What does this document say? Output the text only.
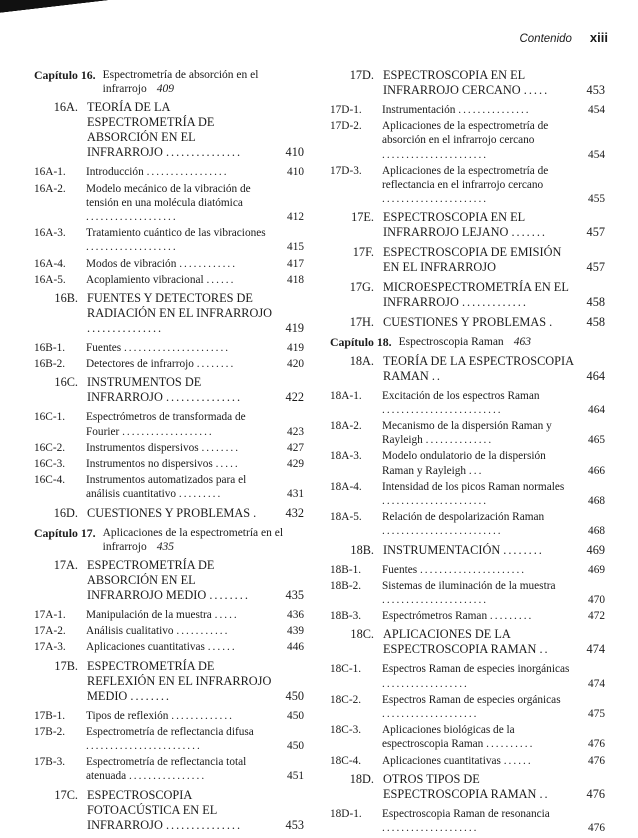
Contenido xiii
Capítulo 16. Espectrometría de absorción en el infrarrojo 409
16A. TEORÍA DE LA ESPECTROMETRÍA DE ABSORCIÓN EN EL INFRARROJO ...............	410
16A-1.	Introducción .................	410
16A-2.	Modelo mecánico de la vibración de tensión en una molécula diatómica ...................	412
16A-3.	Tratamiento cuántico de las vibraciones ...................	415
16A-4.	Modos de vibración ............	417
16A-5.	Acoplamiento vibracional ......	418
16B. FUENTES Y DETECTORES DE RADIACIÓN EN EL INFRARROJO ...............	419
16B-1.	Fuentes ......................	419
16B-2.	Detectores de infrarrojo ........	420
16C. INSTRUMENTOS DE INFRARROJO ...............	422
16C-1.	Espectrómetros de transformada de Fourier ...................	423
16C-2.	Instrumentos dispersivos ........	427
16C-3.	Instrumentos no dispersivos .....	429
16C-4.	Instrumentos automatizados para el análisis cuantitativo .........	431
16D. CUESTIONES Y PROBLEMAS .	432
Capítulo 17. Aplicaciones de la espectrometría en el infrarrojo 435
17A. ESPECTROMETRÍA DE ABSORCIÓN EN EL INFRARROJO MEDIO ........	435
17A-1.	Manipulación de la muestra .....	436
17A-2.	Análisis cualitativo ...........	439
17A-3.	Aplicaciones cuantitativas ......	446
17B. ESPECTROMETRÍA DE REFLEXIÓN EN EL INFRARROJO MEDIO ........	450
17B-1.	Tipos de reflexión .............	450
17B-2.	Espectrometría de reflectancia difusa ........................	450
17B-3.	Espectrometría de reflectancia total atenuada ................	451
17C. ESPECTROSCOPIA FOTOACÚSTICA EN EL INFRARROJO ...............	453
17D. ESPECTROSCOPIA EN EL INFRARROJO CERCANO .....	453
17D-1.	Instrumentación ...............	454
17D-2.	Aplicaciones de la espectrometría de absorción en el infrarrojo cercano ......................	454
17D-3.	Aplicaciones de la espectrometría de reflectancia en el infrarrojo cercano ......................	455
17E. ESPECTROSCOPIA EN EL INFRARROJO LEJANO .......	457
17F. ESPECTROSCOPIA DE EMISIÓN EN EL INFRARROJO	457
17G. MICROESPECTROMETRÍA EN EL INFRARROJO .............	458
17H. CUESTIONES Y PROBLEMAS .	458
Capítulo 18. Espectroscopia Raman 463
18A. TEORÍA DE LA ESPECTROSCOPIA RAMAN ..	464
18A-1.	Excitación de los espectros Raman .........................	464
18A-2.	Mecanismo de la dispersión Raman y Rayleigh ..............	465
18A-3.	Modelo ondulatorio de la dispersión Raman y Rayleigh ...	466
18A-4.	Intensidad de los picos Raman normales ......................	468
18A-5.	Relación de despolarización Raman .........................	468
18B. INSTRUMENTACIÓN ........	469
18B-1.	Fuentes ......................	469
18B-2.	Sistemas de iluminación de la muestra ......................	470
18B-3.	Espectrómetros Raman .........	472
18C. APLICACIONES DE LA ESPECTROSCOPIA RAMAN ..	474
18C-1.	Espectros Raman de especies inorgánicas ..................	474
18C-2.	Espectros Raman de especies orgánicas ....................	475
18C-3.	Aplicaciones biológicas de la espectroscopia Raman ..........	476
18C-4.	Aplicaciones cuantitativas ......	476
18D. OTROS TIPOS DE ESPECTROSCOPIA RAMAN ..	476
18D-1.	Espectroscopia Raman de resonancia ....................	476
